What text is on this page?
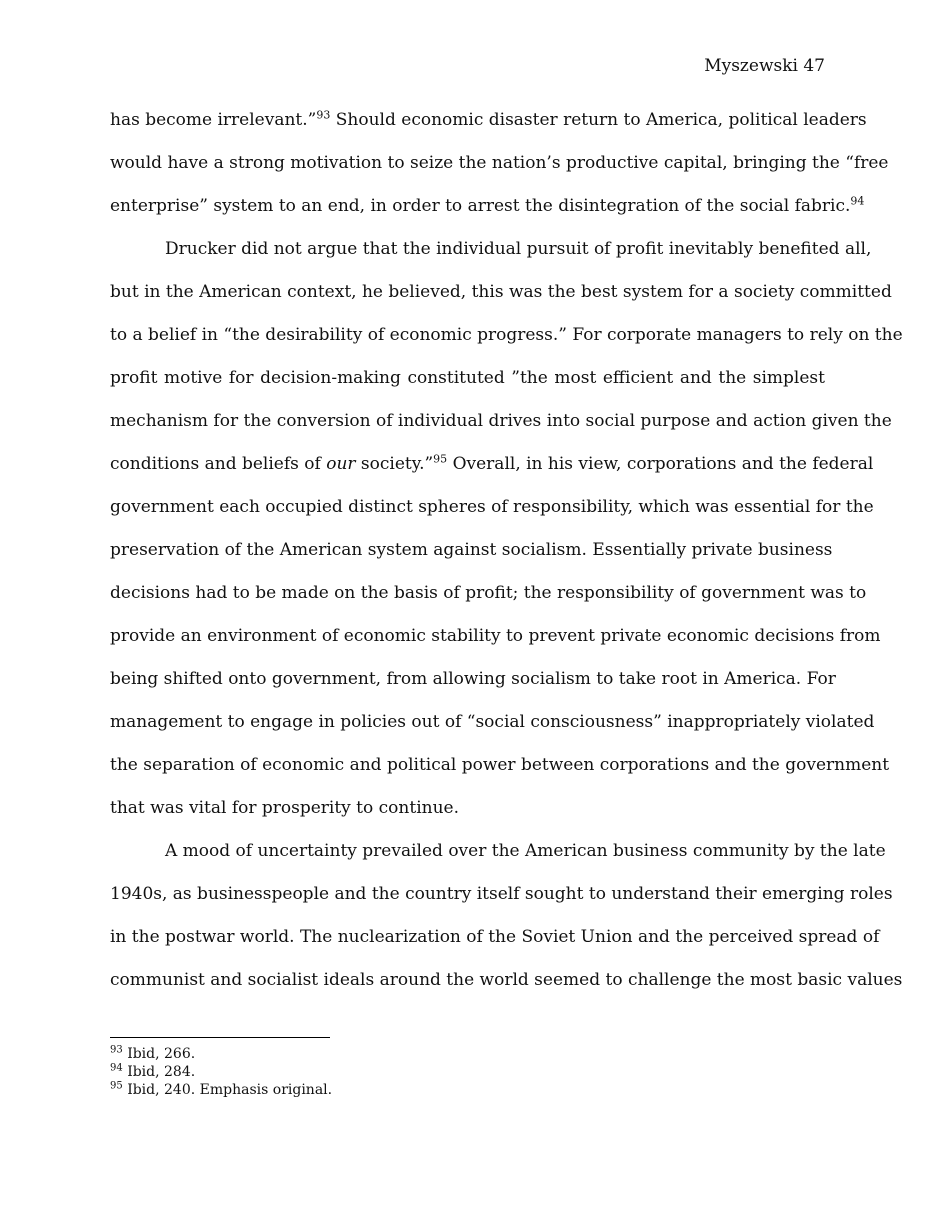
Myszewski 47
has become irrelevant.”$^{93}$ Should economic disaster return to America, political leaders
would have a strong motivation to seize the nation’s productive capital, bringing the “free
enterprise” system to an end, in order to arrest the disintegration of the social fabric.$^{94}$
Drucker did not argue that the individual pursuit of profit inevitably benefited all,
but in the American context, he believed, this was the best system for a society committed
to a belief in “the desirability of economic progress.” For corporate managers to rely on the
profit motive for decision-making constituted ”the most efficient and the simplest
mechanism for the conversion of individual drives into social purpose and action given the
conditions and beliefs of our society.”$^{95}$ Overall, in his view, corporations and the federal
government each occupied distinct spheres of responsibility, which was essential for the
preservation of the American system against socialism. Essentially private business
decisions had to be made on the basis of profit; the responsibility of government was to
provide an environment of economic stability to prevent private economic decisions from
being shifted onto government, from allowing socialism to take root in America. For
management to engage in policies out of “social consciousness” inappropriately violated
the separation of economic and political power between corporations and the government
that was vital for prosperity to continue.
A mood of uncertainty prevailed over the American business community by the late
1940s, as businesspeople and the country itself sought to understand their emerging roles
in the postwar world. The nuclearization of the Soviet Union and the perceived spread of
communist and socialist ideals around the world seemed to challenge the most basic values
$^{93}$ Ibid, 266.
$^{94}$ Ibid, 284.
$^{95}$ Ibid, 240. Emphasis original.
